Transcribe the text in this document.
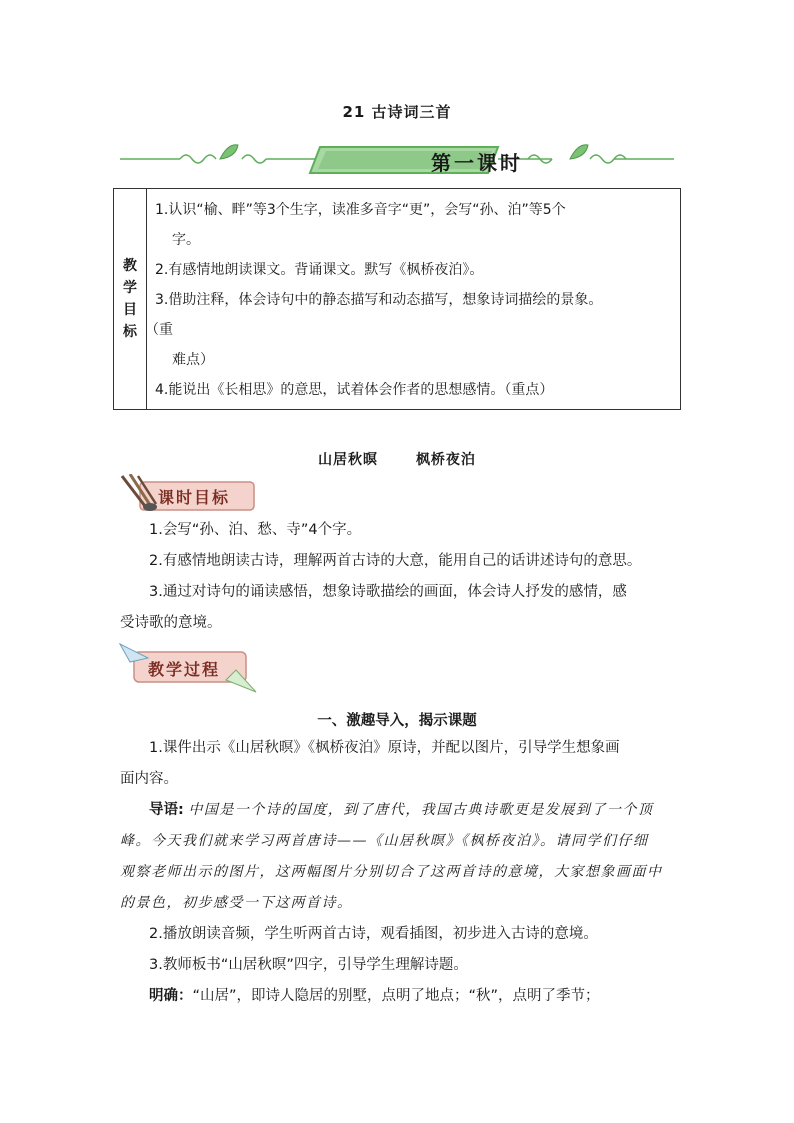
21 古诗词三首
第一课时
教
学
目
标

1.认识“榆、畔”等3个生字，读准多音字“更”，会写“孙、泊”等5个
字。
2.有感情地朗读课文。背诵课文。默写《枫桥夜泊》。
3.借助注释，体会诗句中的静态描写和动态描写，想象诗词描绘的景象。
（重
难点）
4.能说出《长相思》的意思，试着体会作者的思想感情。（重点）
山居秋暝	枫桥夜泊
课时目标
1.会写“孙、泊、愁、寺”4个字。
2.有感情地朗读古诗，理解两首古诗的大意，能用自己的话讲述诗句的意思。
3.通过对诗句的诵读感悟，想象诗歌描绘的画面，体会诗人抒发的感情，感
受诗歌的意境。
教学过程
一、激趣导入，揭示课题
1.课件出示《山居秋暝》《枫桥夜泊》原诗，并配以图片，引导学生想象画
面内容。
导语: 中国是一个诗的国度，到了唐代，我国古典诗歌更是发展到了一个顶
峰。今天我们就来学习两首唐诗——《山居秋暝》《枫桥夜泊》。请同学们仔细
观察老师出示的图片，这两幅图片分别切合了这两首诗的意境，大家想象画面中
的景色，初步感受一下这两首诗。
2.播放朗读音频，学生听两首古诗，观看插图，初步进入古诗的意境。
3.教师板书“山居秋暝”四字，引导学生理解诗题。
明确：“山居”，即诗人隐居的别墅，点明了地点；“秋”，点明了季节；
